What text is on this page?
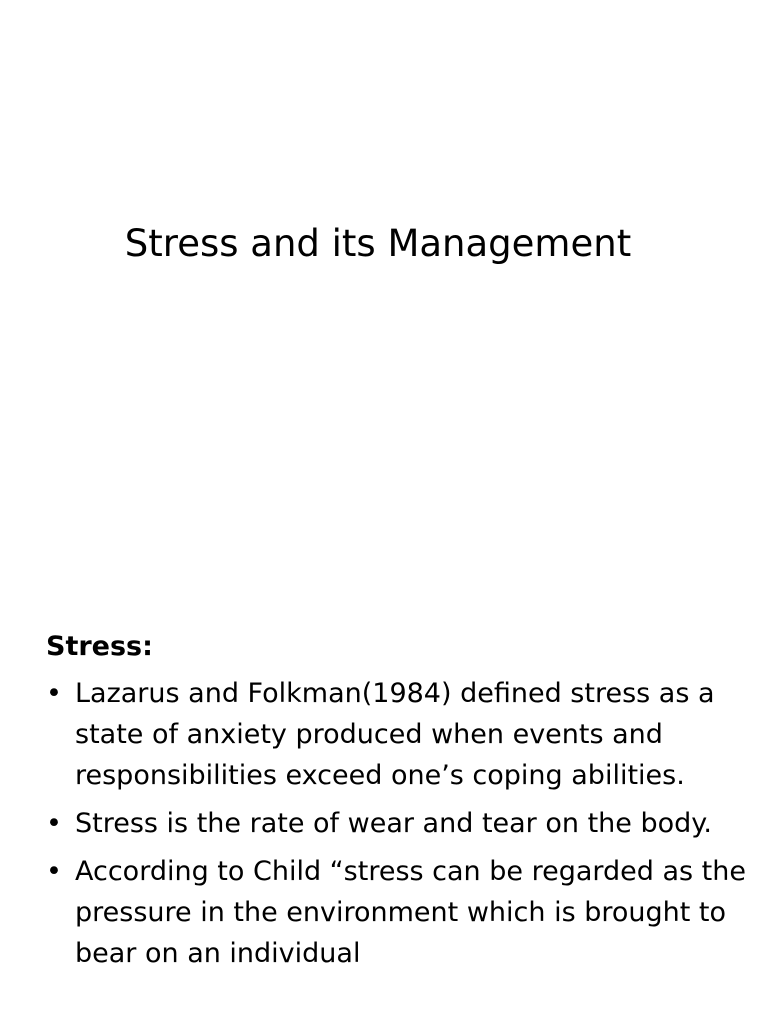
Stress and its Management
Stress:
• Lazarus and Folkman(1984) defined stress as a state of anxiety produced when events and responsibilities exceed one’s coping abilities.
• Stress is the rate of wear and tear on the body.
• According to Child “stress can be regarded as the pressure in the environment which is brought to bear on an individual
